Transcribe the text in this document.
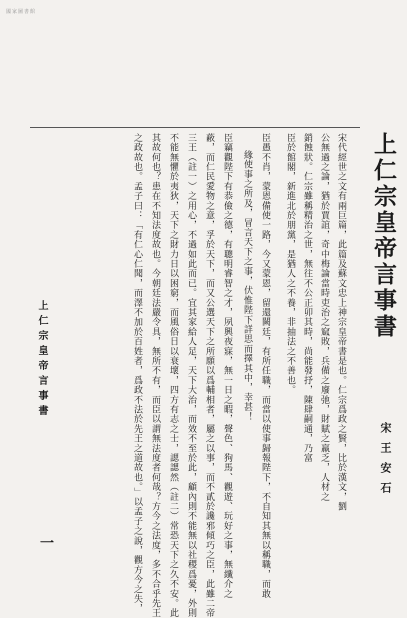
國家圖書館
上仁宗皇帝言事書
宋王安石
宋代經世之文有兩巨篇，此篇及蘇文忠上神宗皇帝書是也。仁宗爲政之賢，比於漢文，劉
公無過之論，猶於賈誼，奇中梅論當時吏治之窳敗，兵備之廢弛，財賦之羸乏，人材之
銷蝕狀。仁宗雖稱精治之世，無往不公正卯其時，尚能發抒，陳肆嗣通，乃富
臣於館閣，新進北於朋黨，是猶人之不養，非抽法之不善也。
臣愚不肖，蒙恩備使一路，今又蒙恩，留還闕廷，有所任職，而當以使事歸報陛下，不自知其無以稱職，而敢
緣使事之所及，冒言天下之事，伏惟陛下詳思而擇其中，幸甚！
臣竊觀陛下有恭儉之德，有聰明睿智之才，夙興夜寐，無一日之暇，聲色、狗馬、觀遊、玩好之事，無纖介之
蔽，而仁民愛物之意，孚於天下，而又公選天下之所願以爲輔相者，屬之以事，而不貳於讒邪傾巧之臣，此雖二帝
三王（註一）之用心，不過如此而已。宜其家給人足，天下大治，而效不至於此，顧內則不能無以社稷爲憂，外則
不能無懼於夷狄，天下之財力日以困窮，而風俗日以衰壞，四方有志之士，諰諰然（註二）常恐天下之久不安。此
其故何也？患在不知法度故也。今朝廷法嚴令具，無所不有，而臣以謂無法度者何哉？方今之法度，多不合乎先王
之政故也。孟子曰：「有仁心仁聞，而澤不加於百姓者，爲政不法於先王之道故也。」以孟子之說，觀方今之失，
上仁宗皇帝言事書
一
